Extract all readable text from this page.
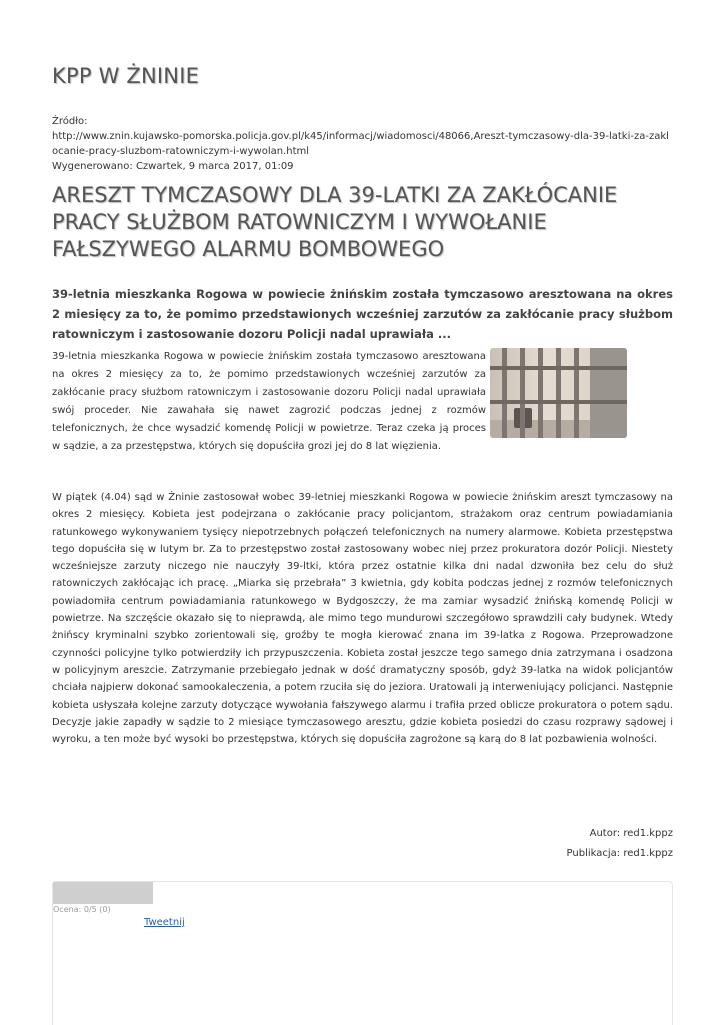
KPP W ŻNINIE
Źródło:
http://www.znin.kujawsko-pomorska.policja.gov.pl/k45/informacj/wiadomosci/48066,Areszt-tymczasowy-dla-39-latki-za-zaklocanie-pracy-sluzbom-ratowniczym-i-wywolan.html
Wygenerowano: Czwartek, 9 marca 2017, 01:09
ARESZT TYMCZASOWY DLA 39-LATKI ZA ZAKŁÓCANIE PRACY SŁUŻBOM RATOWNICZYM I WYWOŁANIE FAŁSZYWEGO ALARMU BOMBOWEGO

39-letnia mieszkanka Rogowa w powiecie żnińskim została tymczasowo aresztowana na okres 2 miesięcy za to, że pomimo przedstawionych wcześniej zarzutów za zakłócanie pracy służbom ratowniczym i zastosowanie dozoru Policji nadal uprawiała ...

39-letnia mieszkanka Rogowa w powiecie żnińskim została tymczasowo aresztowana na okres 2 miesięcy za to, że pomimo przedstawionych wcześniej zarzutów za zakłócanie pracy służbom ratowniczym i zastosowanie dozoru Policji nadal uprawiała swój proceder. Nie zawahała się nawet zagrozić podczas jednej z rozmów telefonicznych, że chce wysadzić komendę Policji w powietrze. Teraz czeka ją proces w sądzie, a za przestępstwa, których się dopuściła grozi jej do 8 lat więzienia.

W piątek (4.04) sąd w Żninie zastosował wobec 39-letniej mieszkanki Rogowa w powiecie żnińskim areszt tymczasowy na okres 2 miesięcy. Kobieta jest podejrzana o zakłócanie pracy policjantom, strażakom oraz centrum powiadamiania ratunkowego wykonywaniem tysięcy niepotrzebnych połączeń telefonicznych na numery alarmowe. Kobieta przestępstwa tego dopuściła się w lutym br. Za to przestępstwo został zastosowany wobec niej przez prokuratora dozór Policji. Niestety wcześniejsze zarzuty niczego nie nauczyły 39-ltki, która przez ostatnie kilka dni nadal dzwoniła bez celu do służ ratowniczych zakłócając ich pracę. „Miarka się przebrała” 3 kwietnia, gdy kobita podczas jednej z rozmów telefonicznych powiadomiła centrum powiadamiania ratunkowego w Bydgoszczy, że ma zamiar wysadzić żnińską komendę Policji w powietrze. Na szczęście okazało się to nieprawdą, ale mimo tego mundurowi szczegółowo sprawdzili cały budynek. Wtedy żnińscy kryminalni szybko zorientowali się, groźby te mogła kierować znana im 39-latka z Rogowa. Przeprowadzone czynności policyjne tylko potwierdziły ich przypuszczenia. Kobieta został jeszcze tego samego dnia zatrzymana i osadzona w policyjnym areszcie. Zatrzymanie przebiegało jednak w dość dramatyczny sposób, gdyż 39-latka na widok policjantów chciała najpierw dokonać samookaleczenia, a potem rzuciła się do jeziora. Uratowali ją interweniujący policjanci. Następnie kobieta usłyszała kolejne zarzuty dotyczące wywołania fałszywego alarmu i trafiła przed oblicze prokuratora o potem sądu. Decyzje jakie zapadły w sądzie to 2 miesiące tymczasowego aresztu, gdzie kobieta posiedzi do czasu rozprawy sądowej i wyroku, a ten może być wysoki bo przestępstwa, których się dopuściła zagrożone są karą do 8 lat pozbawienia wolności.

Autor: red1.kppz
Publikacja: red1.kppz
Ocena: 0/5 (0)
Tweetnij
